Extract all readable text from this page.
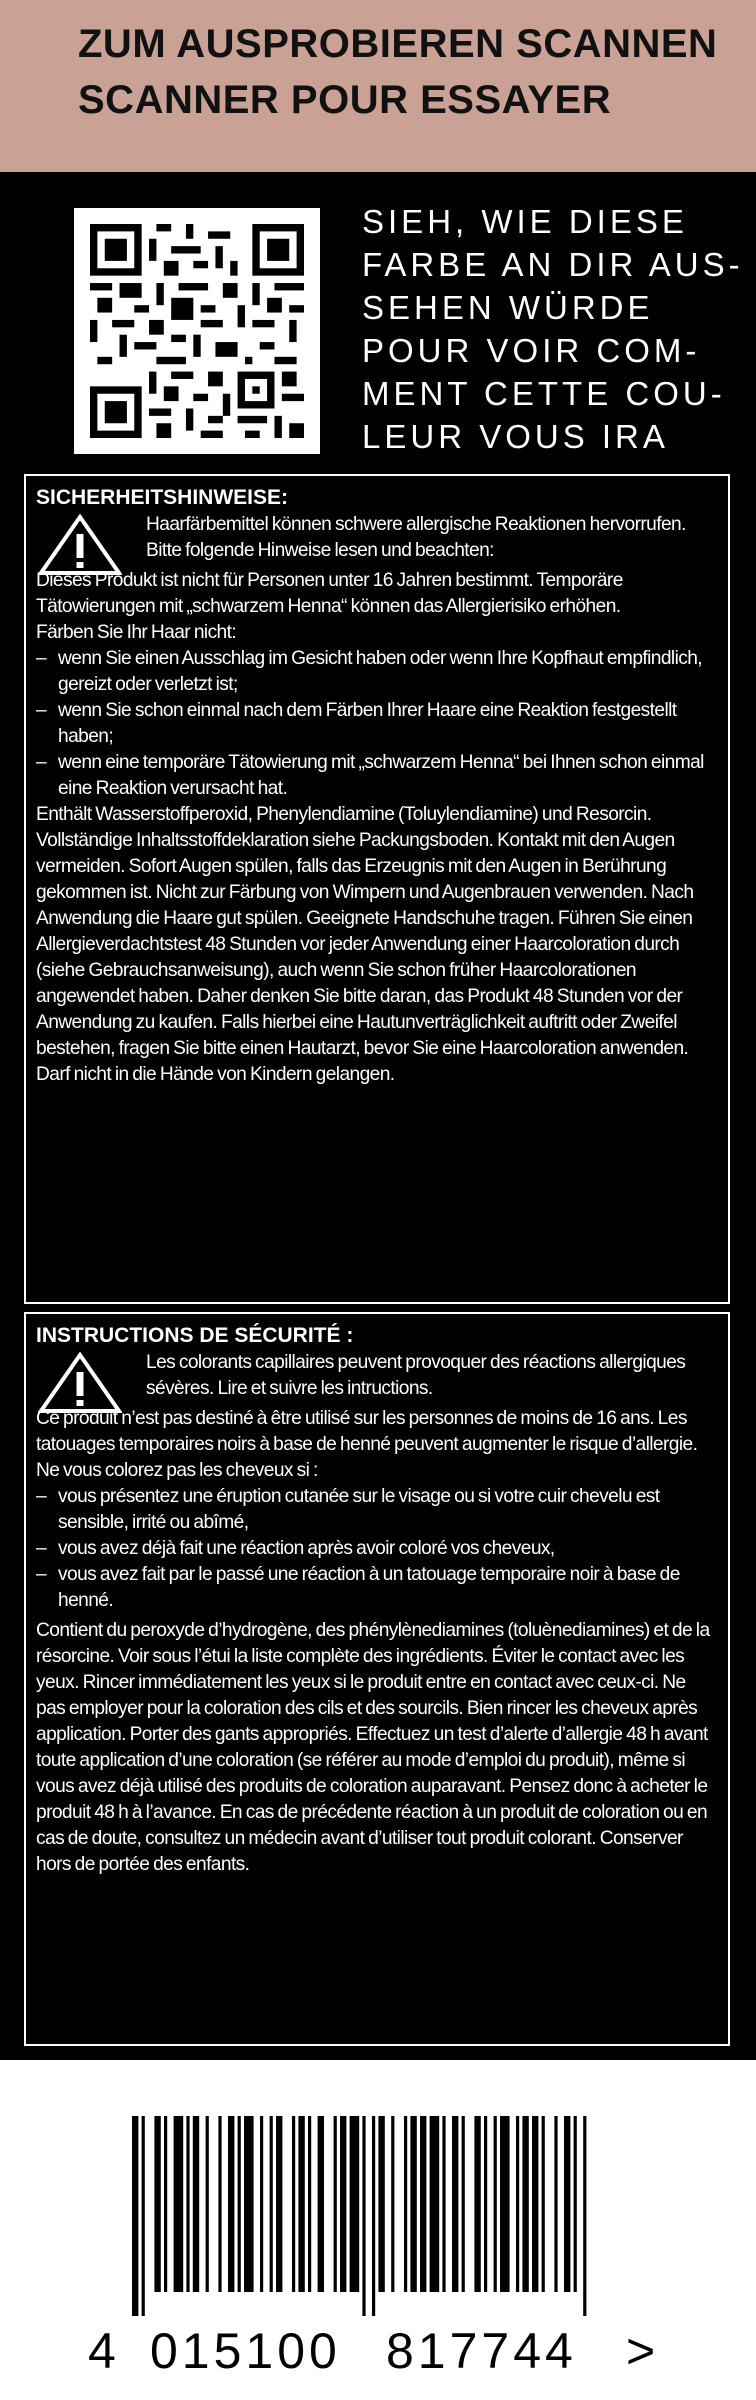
ZUM AUSPROBIEREN SCANNEN
SCANNER POUR ESSAYER
SIEH, WIE DIESE
FARBE AN DIR AUS-
SEHEN WÜRDE
POUR VOIR COM-
MENT CETTE COU-
LEUR VOUS IRA
SICHERHEITSHINWEISE:
Haarfärbemittel können schwere allergische Reaktionen hervorrufen. Bitte folgende Hinweise lesen und beachten:
Dieses Produkt ist nicht für Personen unter 16 Jahren bestimmt. Temporäre Tätowierungen mit „schwarzem Henna“ können das Allergierisiko erhöhen.
Färben Sie Ihr Haar nicht:
– wenn Sie einen Ausschlag im Gesicht haben oder wenn Ihre Kopfhaut empfindlich, gereizt oder verletzt ist;
– wenn Sie schon einmal nach dem Färben Ihrer Haare eine Reaktion festgestellt haben;
– wenn eine temporäre Tätowierung mit „schwarzem Henna“ bei Ihnen schon einmal eine Reaktion verursacht hat.
Enthält Wasserstoffperoxid, Phenylendiamine (Toluylendiamine) und Resorcin. Vollständige Inhaltsstoffdeklaration siehe Packungsboden. Kontakt mit den Augen vermeiden. Sofort Augen spülen, falls das Erzeugnis mit den Augen in Berührung gekommen ist. Nicht zur Färbung von Wimpern und Augenbrauen verwenden. Nach Anwendung die Haare gut spülen. Geeignete Handschuhe tragen. Führen Sie einen Allergieverdachtstest 48 Stunden vor jeder Anwendung einer Haarcoloration durch (siehe Gebrauchsanweisung), auch wenn Sie schon früher Haarcolorationen angewendet haben. Daher denken Sie bitte daran, das Produkt 48 Stunden vor der Anwendung zu kaufen. Falls hierbei eine Hautunverträglichkeit auftritt oder Zweifel bestehen, fragen Sie bitte einen Hautarzt, bevor Sie eine Haarcoloration anwenden.
Darf nicht in die Hände von Kindern gelangen.
INSTRUCTIONS DE SÉCURITÉ :
Les colorants capillaires peuvent provoquer des réactions allergiques sévères. Lire et suivre les intructions.
Ce produit n’est pas destiné à être utilisé sur les personnes de moins de 16 ans. Les tatouages temporaires noirs à base de henné peuvent augmenter le risque d’allergie.
Ne vous colorez pas les cheveux si :
– vous présentez une éruption cutanée sur le visage ou si votre cuir chevelu est sensible, irrité ou abîmé,
– vous avez déjà fait une réaction après avoir coloré vos cheveux,
– vous avez fait par le passé une réaction à un tatouage temporaire noir à base de henné.
Contient du peroxyde d’hydrogène, des phénylènediamines (toluènediamines) et de la résorcine. Voir sous l’étui la liste complète des ingrédients. Éviter le contact avec les yeux. Rincer immédiatement les yeux si le produit entre en contact avec ceux-ci. Ne pas employer pour la coloration des cils et des sourcils. Bien rincer les cheveux après application. Porter des gants appropriés. Effectuez un test d’alerte d’allergie 48 h avant toute application d’une coloration (se référer au mode d’emploi du produit), même si vous avez déjà utilisé des produits de coloration auparavant. Pensez donc à acheter le produit 48 h à l’avance. En cas de précédente réaction à un produit de coloration ou en cas de doute, consultez un médecin avant d’utiliser tout produit colorant. Conserver hors de portée des enfants.
4 015100 817744 >
